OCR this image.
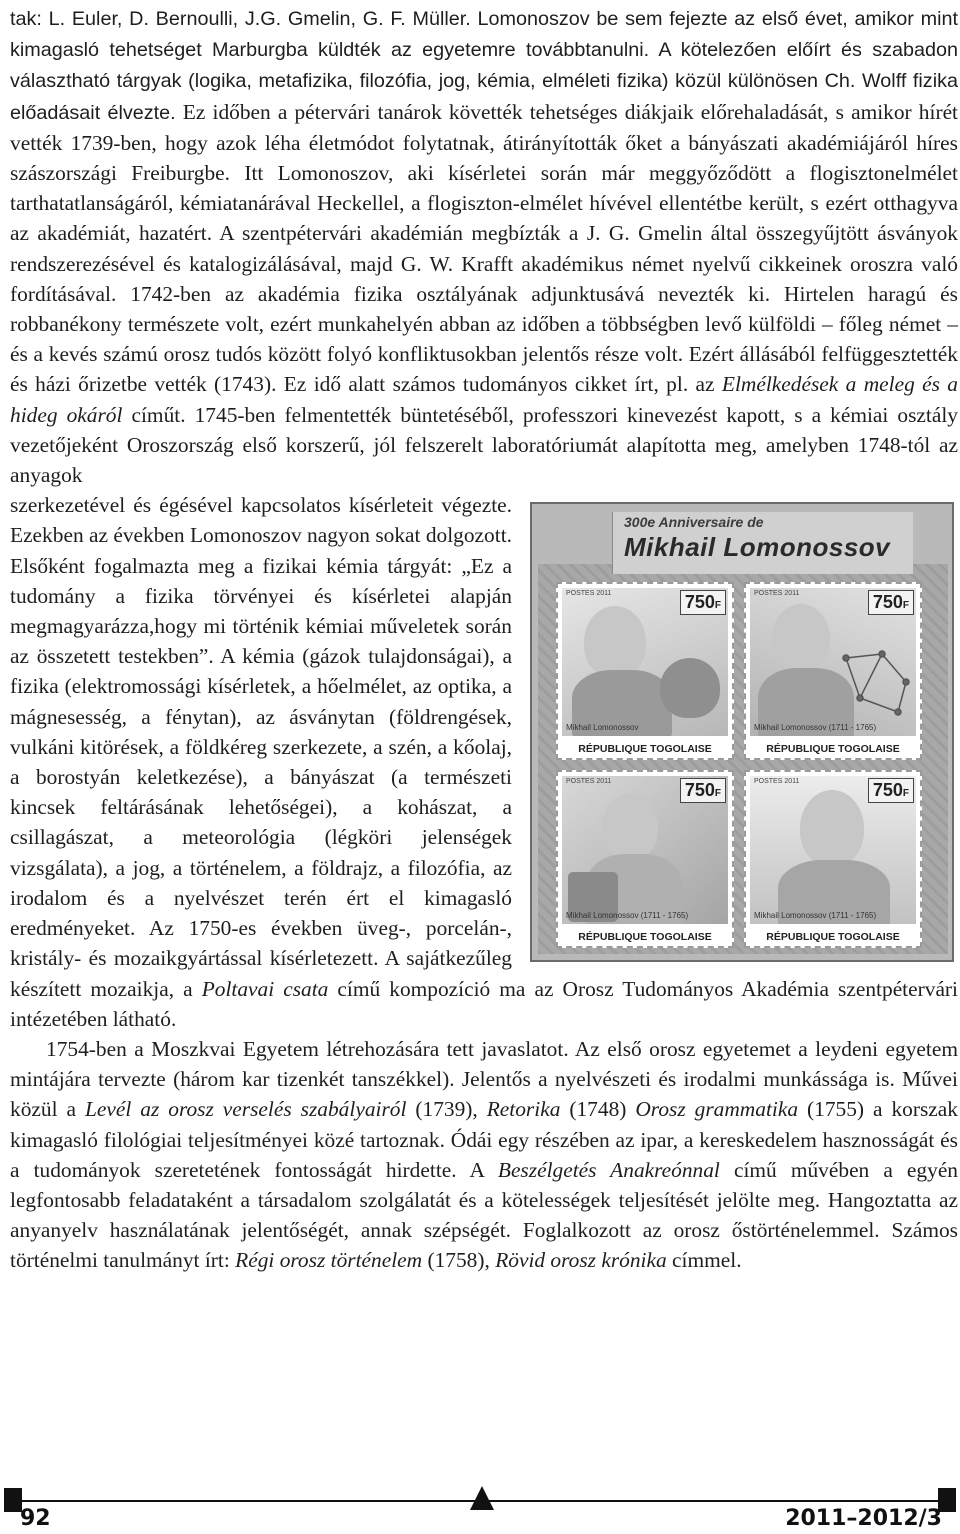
tak: L. Euler, D. Bernoulli, J.G. Gmelin, G. F. Müller. Lomonoszov be sem fejezte az első évet, amikor mint kimagasló tehetséget Marburgba küldték az egyetemre továbbtanulni. A kötelezően előírt és szabadon választható tárgyak (logika, metafizika, filozófia, jog, kémia, elméleti fizika) közül különösen Ch. Wolff fizika előadásait élvezte. Ez időben a pétervári tanárok követték tehetséges diákjaik előrehaladását, s amikor hírét vették 1739-ben, hogy azok léha életmódot folytatnak, átirányították őket a bányászati akadémiájáról híres szászországi Freiburgbe. Itt Lomonoszov, aki kísérletei során már meggyőződött a flogisztonelmélet tarthatatlanságáról, kémiatanárával Heckellel, a flogiszton-elmélet hívével ellentétbe került, s ezért otthagyva az akadémiát, hazatért. A szentpétervári akadémián megbízták a J. G. Gmelin által összegyűjtött ásványok rendszerezésével és katalogizálásával, majd G. W. Krafft akadémikus német nyelvű cikkeinek oroszra való fordításával. 1742-ben az akadémia fizika osztályának adjunktusává nevezték ki. Hirtelen haragú és robbanékony természete volt, ezért munkahelyén abban az időben a többségben levő külföldi – főleg német – és a kevés számú orosz tudós között folyó konfliktusokban jelentős része volt. Ezért állásából felfüggesztették és házi őrizetbe vették (1743). Ez idő alatt számos tudományos cikket írt, pl. az Elmélkedések a meleg és a hideg okáról címűt. 1745-ben felmentették büntetéséből, professzori kinevezést kapott, s a kémiai osztály vezetőjeként Oroszország első korszerű, jól felszerelt laboratóriumát alapította meg, amelyben 1748-tól az anyagok

300e Anniversaire de
Mikhail Lomonossov
POSTES 2011	750F
Mikhail Lomonossov
RÉPUBLIQUE TOGOLAISE
POSTES 2011	750F
Mikhail Lomonossov (1711 - 1765)
RÉPUBLIQUE TOGOLAISE
POSTES 2011	750F
Mikhail Lomonossov (1711 - 1765)
RÉPUBLIQUE TOGOLAISE
POSTES 2011	750F
Mikhail Lomonossov (1711 - 1765)
RÉPUBLIQUE TOGOLAISE

szerkezetével és égésével kapcsolatos kísérleteit végezte. Ezekben az években Lomonoszov nagyon sokat dolgozott. Elsőként fogalmazta meg a fizikai kémia tárgyát: „Ez a tudomány a fizika törvényei és kísérletei alapján megmagyarázza,hogy mi történik kémiai műveletek során az összetett testekben”. A kémia (gázok tulajdonságai), a fizika (elektromossági kísérletek, a hőelmélet, az optika, a mágnesesség, a fénytan), az ásványtan (földrengések, vulkáni kitörések, a földkéreg szerkezete, a szén, a kőolaj, a borostyán keletkezése), a bányászat (a természeti kincsek feltárásának lehetőségei), a kohászat, a csillagászat, a meteorológia (légköri jelenségek vizsgálata), a jog, a történelem, a földrajz, a filozófia, az irodalom és a nyelvészet terén ért el kimagasló eredményeket. Az 1750-es években üveg-, porcelán-, kristály- és mozaikgyártással kísérletezett. A sajátkezűleg készített mozaikja, a Poltavai csata című kompozíció ma az Orosz Tudományos Akadémia szentpétervári intézetében látható.

1754-ben a Moszkvai Egyetem létrehozására tett javaslatot. Az első orosz egyetemet a leydeni egyetem mintájára tervezte (három kar tizenkét tanszékkel). Jelentős a nyelvészeti és irodalmi munkássága is. Művei közül a Levél az orosz verselés szabályairól (1739), Retorika (1748) Orosz grammatika (1755) a korszak kimagasló filológiai teljesítményei közé tartoznak. Ódái egy részében az ipar, a kereskedelem hasznosságát és a tudományok szeretetének fontosságát hirdette. A Beszélgetés Anakreónnal című művében a egyén legfontosabb feladataként a társadalom szolgálatát és a kötelességek teljesítését jelölte meg. Hangoztatta az anyanyelv használatának jelentőségét, annak szépségét. Foglalkozott az orosz őstörténelemmel. Számos történelmi tanulmányt írt: Régi orosz történelem (1758), Rövid orosz krónika címmel.

92	2011–2012/3
